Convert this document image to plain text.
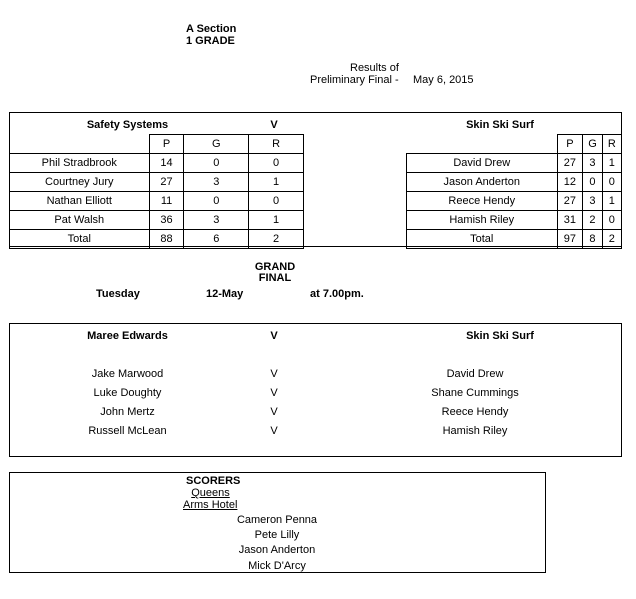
A Section
1 GRADE
Results of
Preliminary Final - May 6, 2015
Safety Systems	V	Skin Ski Surf
	P	G	R
Phil Stradbrook	14	0	0
Courtney Jury	27	3	1
Nathan Elliott	11	0	0
Pat Walsh	36	3	1
Total	88	6	2
	P	G	R
David Drew	27	3	1
Jason Anderton	12	0	0
Reece Hendy	27	3	1
Hamish Riley	31	2	0
Total	97	8	2
GRAND
FINAL
Tuesday	12-May	at 7.00pm.
Maree Edwards	V	Skin Ski Surf
Jake Marwood	V	David Drew
Luke Doughty	V	Shane Cummings
John Mertz	V	Reece Hendy
Russell McLean	V	Hamish Riley
SCORERS
Queens
Arms Hotel
Cameron Penna
Pete Lilly
Jason Anderton
Mick D'Arcy
